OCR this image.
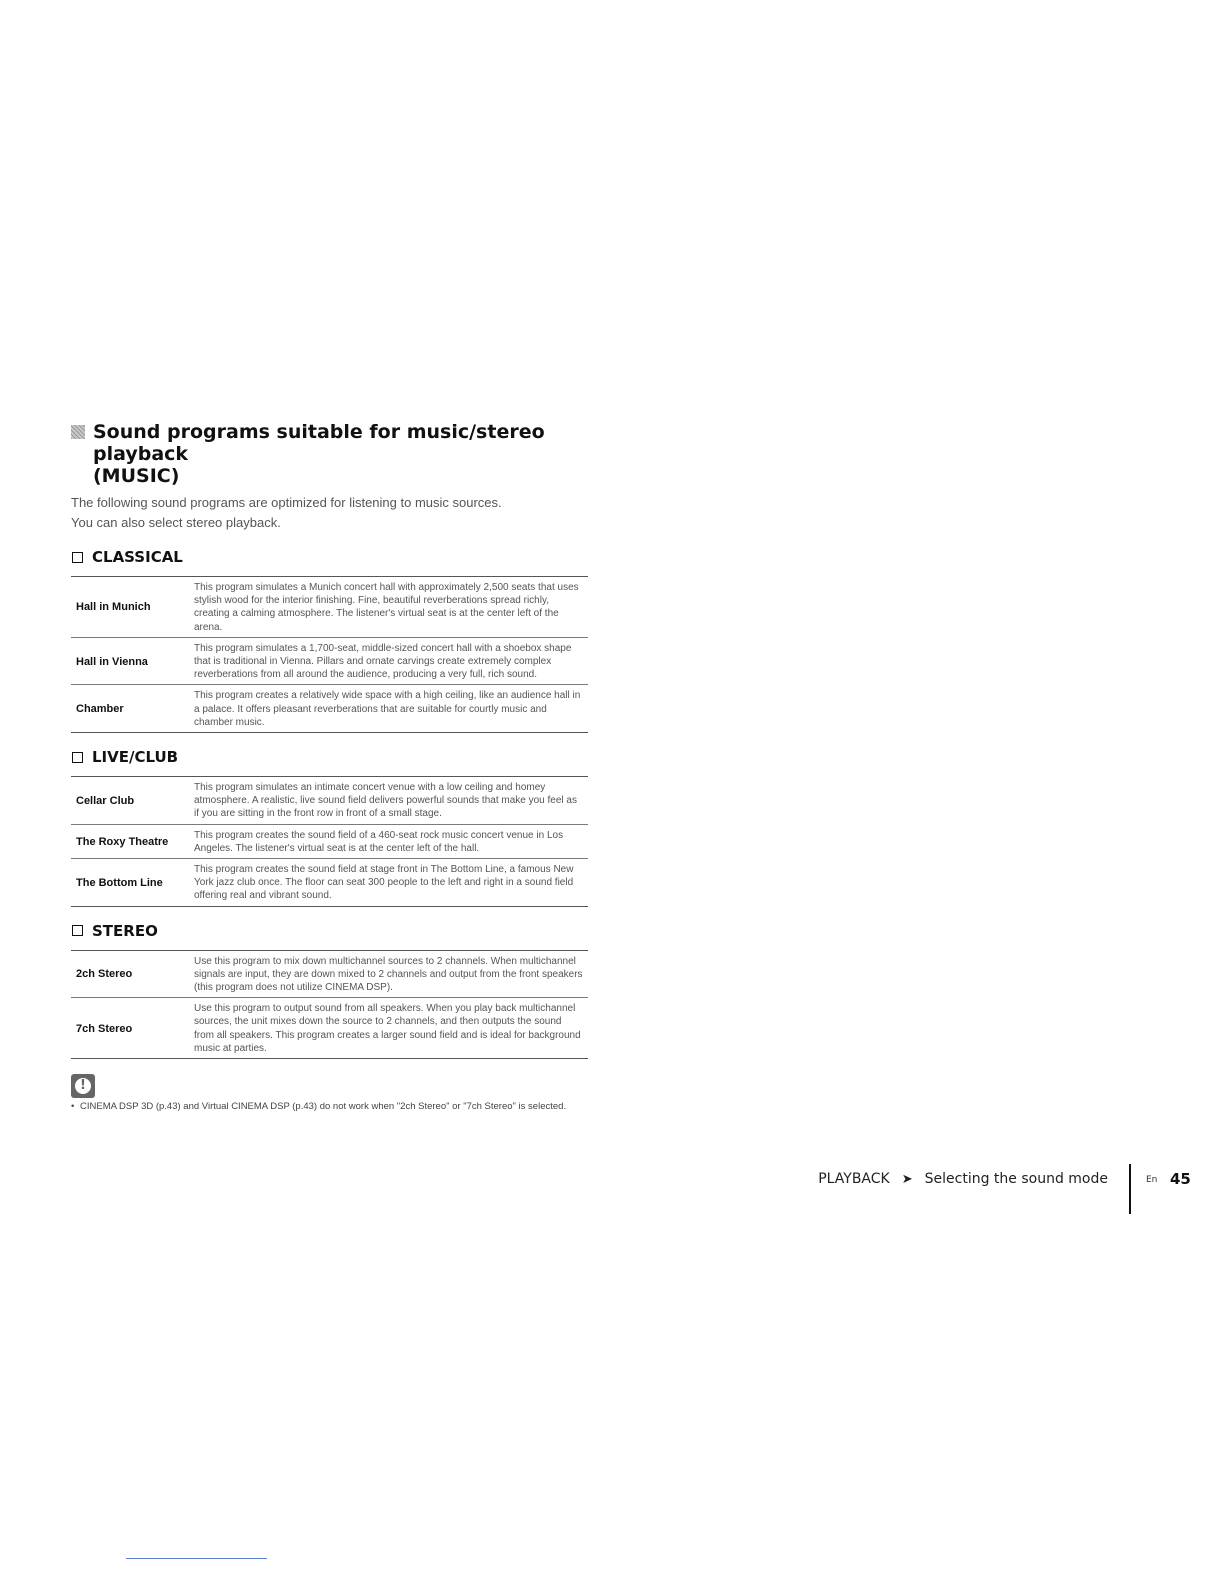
Sound programs suitable for music/stereo playback
(MUSIC)

The following sound programs are optimized for listening to music sources.
You can also select stereo playback.

CLASSICAL
Hall in Munich	This program simulates a Munich concert hall with approximately 2,500 seats that uses stylish wood for the interior finishing. Fine, beautiful reverberations spread richly, creating a calming atmosphere. The listener's virtual seat is at the center left of the arena.
Hall in Vienna	This program simulates a 1,700-seat, middle-sized concert hall with a shoebox shape that is traditional in Vienna. Pillars and ornate carvings create extremely complex reverberations from all around the audience, producing a very full, rich sound.
Chamber	This program creates a relatively wide space with a high ceiling, like an audience hall in a palace. It offers pleasant reverberations that are suitable for courtly music and chamber music.
LIVE/CLUB
Cellar Club	This program simulates an intimate concert venue with a low ceiling and homey atmosphere. A realistic, live sound field delivers powerful sounds that make you feel as if you are sitting in the front row in front of a small stage.
The Roxy Theatre	This program creates the sound field of a 460-seat rock music concert venue in Los Angeles. The listener's virtual seat is at the center left of the hall.
The Bottom Line	This program creates the sound field at stage front in The Bottom Line, a famous New York jazz club once. The floor can seat 300 people to the left and right in a sound field offering real and vibrant sound.
STEREO
2ch Stereo	Use this program to mix down multichannel sources to 2 channels. When multichannel signals are input, they are down mixed to 2 channels and output from the front speakers (this program does not utilize CINEMA DSP).
7ch Stereo	Use this program to output sound from all speakers. When you play back multichannel sources, the unit mixes down the source to 2 channels, and then outputs the sound from all speakers. This program creates a larger sound field and is ideal for background music at parties.
!
• CINEMA DSP 3D (p.43) and Virtual CINEMA DSP (p.43) do not work when "2ch Stereo" or "7ch Stereo" is selected.
PLAYBACK ➤ Selecting the sound mode	En 45
